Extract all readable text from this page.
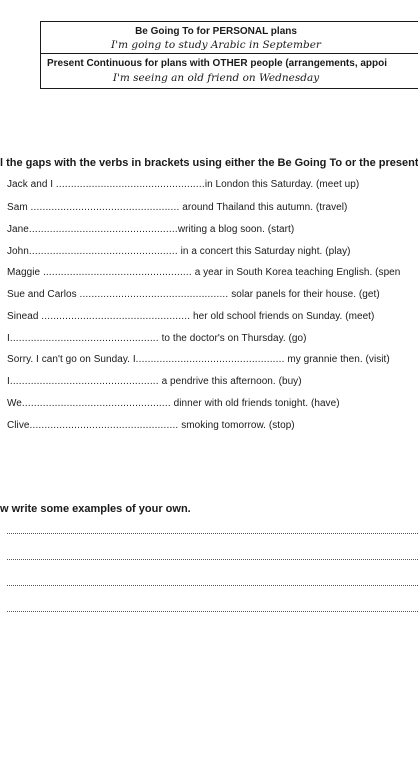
Be Going To for PERSONAL plans
I'm going to study Arabic in September
Present Continuous for plans with OTHER people (arrangements, appoi
I'm seeing an old friend on Wednesday
l the gaps with the verbs in brackets using either the Be Going To or the present
Jack and I ..................................................in London this Saturday. (meet up)
Sam .................................................. around Thailand this autumn. (travel)
Jane..................................................writing a blog soon. (start)
John.................................................. in a concert this Saturday night. (play)
Maggie .................................................. a year in South Korea teaching English. (spen
Sue and Carlos .................................................. solar panels for their house. (get)
Sinead .................................................. her old school friends on Sunday. (meet)
I.................................................. to the doctor's on Thursday. (go)
Sorry. I can't go on Sunday. I.................................................. my grannie then. (visit)
I.................................................. a pendrive this afternoon. (buy)
We.................................................. dinner with old friends tonight. (have)
Clive.................................................. smoking tomorrow. (stop)
w write some examples of your own.
